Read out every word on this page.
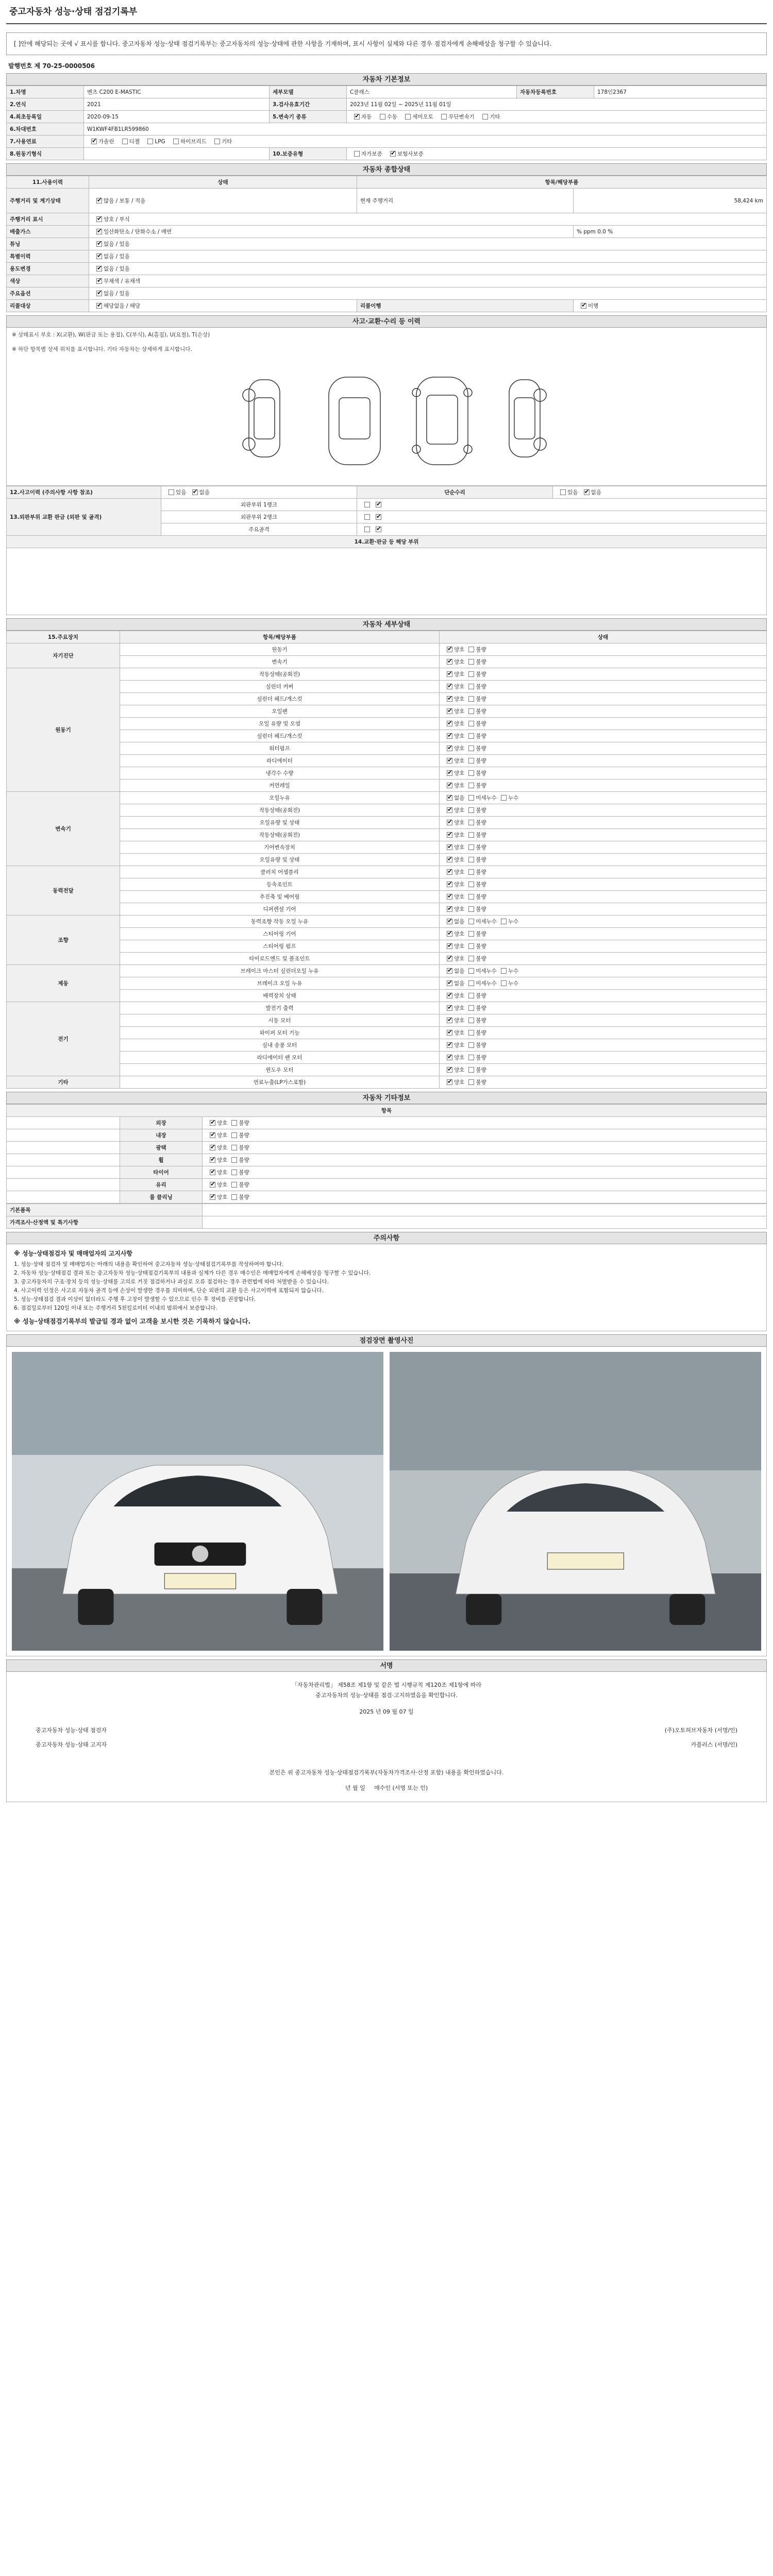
중고자동차 성능·상태 점검기록부
[ ]안에 해당되는 곳에 √ 표시를 합니다. 중고자동차 성능·상태 점검기록부는 중고자동차의 성능·상태에 관한 사항을 기재하며, 표시 사항이 실제와 다른 경우 점검자에게 손해배상을 청구할 수 있습니다.
발행번호 제 70-25-0000506
자동차 기본정보
1.차명	벤츠 C200 E-MASTIC	세부모델	C클래스	자동차등록번호	178인2367
2.연식	2021	3.검사유효기간	2023년 11월 02일 ~ 2025년 11월 01일		
4.최초등록일	2020-09-15	5.변속기 종류	✔자동 수동 세미오토 무단변속기 기타
6.차대번호	W1KWF4FB1LR599860				
7.사용연료	✔가솔린 디젤 LPG 하이브리드 기타
8.원동기형식		10.보증유형	자가보증 ✔ 보험사보증
자동차 종합상태
11.사용이력	상태	항목/해당부품	
주행거리 및 계기상태	✔많음 / 보통 / 적음	현재 주행거리	58,424 km
주행거리 표시	✔양호 / 부식
배출가스	✔일산화탄소 / 탄화수소 / 매연		% ppm 0.0 %
튜닝	✔없음 / 있음
특별이력	✔없음 / 있음
용도변경	✔없음 / 있음
색상	✔무채색 / 유채색
주요옵션	✔없음 / 있음
리콜대상	✔해당없음 / 해당	리콜이행	✔이행
사고·교환·수리 등 이력
※ 상태표시 부호 : X(교환), W(판금 또는 용접), C(부식), A(흠집), U(요철), T(손상)
※ 하단 항목별 상세 위치를 표시합니다. 기타 자동차는 상세하게 표시합니다.
12.사고이력 (주의사항 사항 참조)	있음 ✔ 없음	단순수리	있음 ✔ 없음
13.외판부위 교환 판금 (외판 및 골격)	외판부위 1랭크	✔
	외판부위 2랭크	✔
	주요골격	✔
14.교환·판금 등 해당 부위			

자동차 세부상태
15.주요장치	항목/해당부품	상태
자기진단	원동기	✔양호 불량
	변속기	✔양호 불량
원동기	작동상태(공회전)	✔양호 불량
	실린더 커버	✔양호 불량
	실린더 헤드/개스킷	✔양호 불량
	오일팬	✔양호 불량
	오일 유량 및 오염	✔양호 불량
	실린더 헤드/개스킷	✔양호 불량
	워터펌프	✔양호 불량
	라디에이터	✔양호 불량
	냉각수 수량	✔양호 불량
	커먼레일	✔양호 불량
변속기	오일누유	✔없음 미세누수 누수
	작동상태(공회전)	✔양호 불량
	오일유량 및 상태	✔양호 불량
	작동상태(공회전)	✔양호 불량
	기어변속장치	✔양호 불량
	오일유량 및 상태	✔양호 불량
동력전달	클러치 어셈블리	✔양호 불량
	등속조인트	✔양호 불량
	추진축 및 베어링	✔양호 불량
	디퍼렌셜 기어	✔양호 불량
조향	동력조향 작동 오일 누유	✔없음 미세누수 누수
	스티어링 기어	✔양호 불량
	스티어링 펌프	✔양호 불량
	타이로드엔드 및 볼조인트	✔양호 불량
제동	브레이크 마스터 실린더오일 누유	✔없음 미세누수 누수
	브레이크 오일 누유	✔없음 미세누수 누수
	배력장치 상태	✔양호 불량
전기	발전기 출력	✔양호 불량
	시동 모터	✔양호 불량
	와이퍼 모터 기능	✔양호 불량
	실내 송풍 모터	✔양호 불량
	라디에이터 팬 모터	✔양호 불량
	윈도우 모터	✔양호 불량
기타	연료누출(LP가스포함)	✔양호 불량
자동차 기타정보
항목		
	외장	✔양호 불량
	내장	✔양호 불량
	광택	✔양호 불량
	휠	✔양호 불량
	타이어	✔양호 불량
	유리	✔양호 불량
	룸 클리닝	✔양호 불량
기본품목	
가격조사·산정액 및 특기사항	
주의사항
※ 성능·상태점검자 및 매매업자의 고지사항
1. 성능·상태 점검자 및 매매업자는 아래의 내용을 확인하여 중고자동차 성능·상태점검기록부를 작성하여야 합니다.
2. 자동차 성능·상태점검 결과 또는 중고자동차 성능·상태점검기록부의 내용과 실제가 다른 경우 매수인은 매매업자에게 손해배상을 청구할 수 있습니다.
3. 중고자동차의 구조·장치 등의 성능·상태를 고의로 거짓 점검하거나 과실로 오류 점검하는 경우 관련법에 따라 처벌받을 수 있습니다.
4. 사고이력 인정은 사고로 자동차 골격 등에 손상이 발생한 경우를 의미하며, 단순 외판의 교환 등은 사고이력에 포함되지 않습니다.
5. 성능·상태점검 결과 이상이 없더라도 주행 후 고장이 발생할 수 있으므로 인수 후 정비를 권장합니다.
6. 점검일로부터 120일 이내 또는 주행거리 5천킬로미터 이내의 범위에서 보증합니다.
※ 성능·상태점검기록부의 발급일 경과 없이 고객을 보시한 것은 기록하지 않습니다.
점검장면 촬영사진
서명
「자동차관리법」 제58조 제1항 및 같은 법 시행규칙 제120조 제1항에 따라
중고자동차의 성능·상태를 점검·고지하였음을 확인합니다.
2025 년 09 월 07 일
중고자동차 성능·상태 점검자	(주)오토허브자동차 (서명/인)
중고자동차 성능·상태 고지자	카플러스 (서명/인)
본인은 위 중고자동차 성능·상태점검기록부(자동차가격조사·산정 포함) 내용을 확인하였습니다.
년 월 일 매수인 (서명 또는 인)
